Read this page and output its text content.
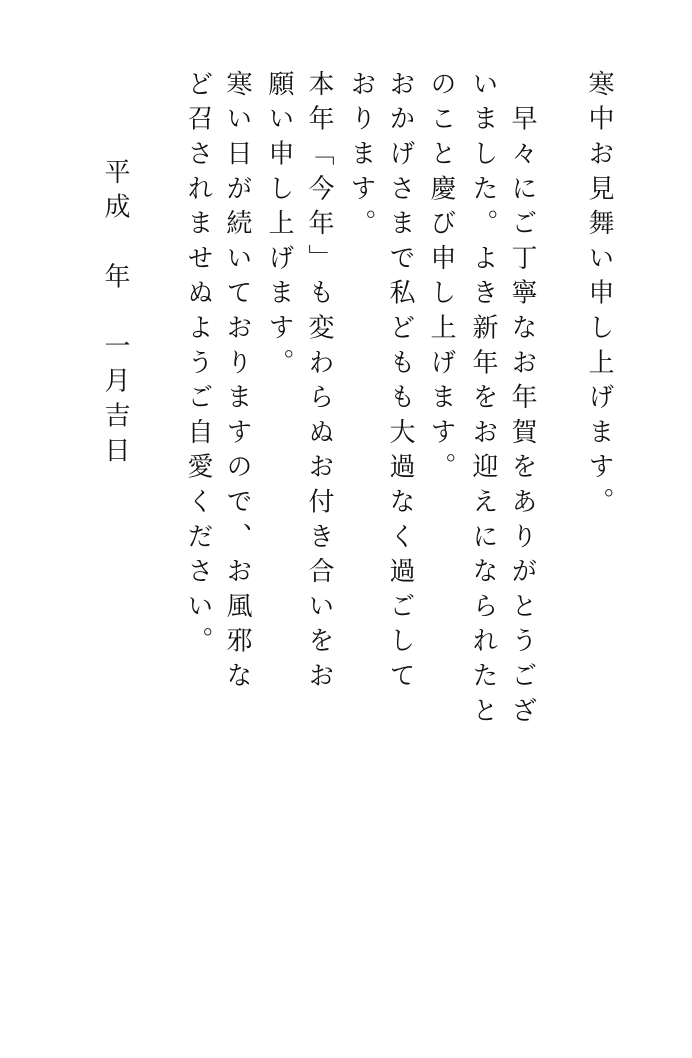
寒中お見舞い申し上げます。
　早々にご丁寧なお年賀をありがとうござ
いました。よき新年をお迎えになられたと
のこと慶び申し上げます。
おかげさまで私どもも大過なく過ごして
おります。
本年「今年」も変わらぬお付き合いをお
願い申し上げます。
寒い日が続いておりますので、お風邪な
ど召されませぬようご自愛ください。
平成　年　一月吉日
